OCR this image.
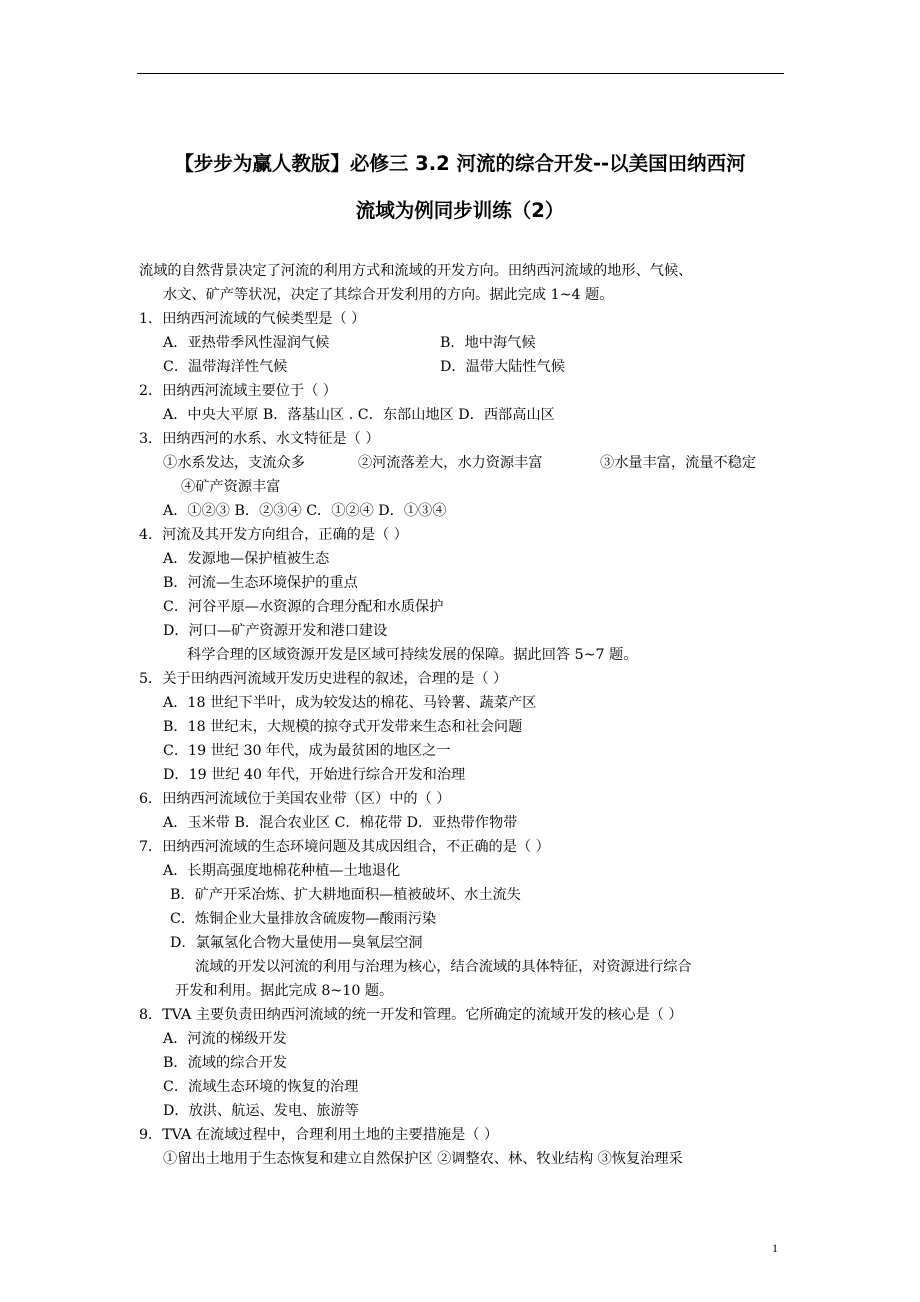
【步步为赢人教版】必修三 3.2 河流的综合开发--以美国田纳西河
流域为例同步训练（2）
流域的自然背景决定了河流的利用方式和流域的开发方向。田纳西河流域的地形、气候、
水文、矿产等状况，决定了其综合开发利用的方向。据此完成 1~4 题。
1．田纳西河流域的气候类型是（ ）
A．亚热带季风性湿润气候	B．地中海气候
C．温带海洋性气候	D．温带大陆性气候
2．田纳西河流域主要位于（ ）
A．中央大平原 B．落基山区 . C．东部山地区 D．西部高山区
3．田纳西河的水系、水文特征是（ ）
①水系发达，支流众多	②河流落差大，水力资源丰富	③水量丰富，流量不稳定
④矿产资源丰富
A．①②③ B．②③④ C．①②④ D．①③④
4．河流及其开发方向组合，正确的是（ ）
A．发源地—保护植被生态
B．河流—生态环境保护的重点
C．河谷平原—水资源的合理分配和水质保护
D．河口—矿产资源开发和港口建设
科学合理的区域资源开发是区域可持续发展的保障。据此回答 5~7 题。
5．关于田纳西河流域开发历史进程的叙述，合理的是（ ）
A．18 世纪下半叶，成为较发达的棉花、马铃薯、蔬菜产区
B．18 世纪末，大规模的掠夺式开发带来生态和社会问题
C．19 世纪 30 年代，成为最贫困的地区之一
D．19 世纪 40 年代，开始进行综合开发和治理
6．田纳西河流域位于美国农业带（区）中的（ ）
A．玉米带 B．混合农业区 C．棉花带 D．亚热带作物带
7．田纳西河流域的生态环境问题及其成因组合，不正确的是（ ）
A．长期高强度地棉花种植—土地退化
B．矿产开采冶炼、扩大耕地面积—植被破坏、水土流失
C．炼铜企业大量排放含硫废物—酸雨污染
D．氯氟氢化合物大量使用—臭氧层空洞
流域的开发以河流的利用与治理为核心，结合流域的具体特征，对资源进行综合
开发和利用。据此完成 8~10 题。
8．TVA 主要负责田纳西河流域的统一开发和管理。它所确定的流域开发的核心是（ ）
A．河流的梯级开发
B．流域的综合开发
C．流域生态环境的恢复的治理
D．放洪、航运、发电、旅游等
9．TVA 在流域过程中，合理利用土地的主要措施是（ ）
①留出土地用于生态恢复和建立自然保护区 ②调整农、林、牧业结构 ③恢复治理采
1
